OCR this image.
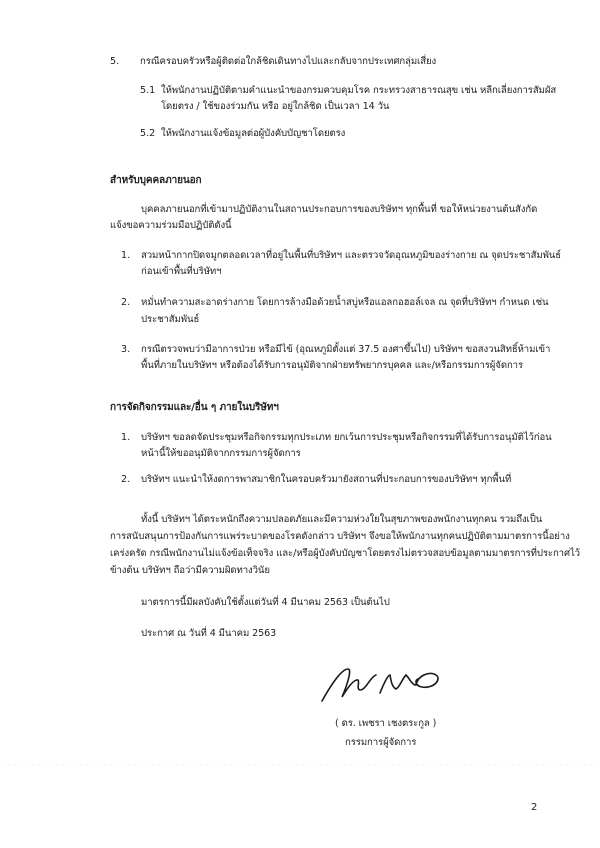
5. กรณีครอบครัวหรือผู้ติดต่อใกล้ชิดเดินทางไปและกลับจากประเทศกลุ่มเสี่ยง

5.1 ให้พนักงานปฏิบัติตามคำแนะนำของกรมควบคุมโรค กระทรวงสาธารณสุข เช่น หลีกเลี่ยงการสัมผัส

โดยตรง / ใช้ของร่วมกัน หรือ อยู่ใกล้ชิด เป็นเวลา 14 วัน

5.2 ให้พนักงานแจ้งข้อมูลต่อผู้บังคับบัญชาโดยตรง

สำหรับบุคคลภายนอก

บุคคลภายนอกที่เข้ามาปฏิบัติงานในสถานประกอบการของบริษัทฯ ทุกพื้นที่ ขอให้หน่วยงานต้นสังกัด

แจ้งขอความร่วมมือปฏิบัติดังนี้

1. สวมหน้ากากปิดจมูกตลอดเวลาที่อยู่ในพื้นที่บริษัทฯ และตรวจวัดอุณหภูมิของร่างกาย ณ จุดประชาสัมพันธ์

ก่อนเข้าพื้นที่บริษัทฯ

2. หมั่นทำความสะอาดร่างกาย โดยการล้างมือด้วยน้ำสบู่หรือแอลกอฮอล์เจล ณ จุดที่บริษัทฯ กำหนด เช่น

ประชาสัมพันธ์

3. กรณีตรวจพบว่ามีอาการป่วย หรือมีไข้ (อุณหภูมิตั้งแต่ 37.5 องศาขึ้นไป) บริษัทฯ ขอสงวนสิทธิ์ห้ามเข้า

พื้นที่ภายในบริษัทฯ หรือต้องได้รับการอนุมัติจากฝ่ายทรัพยากรบุคคล และ/หรือกรรมการผู้จัดการ

การจัดกิจกรรมและ/อื่น ๆ ภายในบริษัทฯ

1. บริษัทฯ ขอลดจัดประชุมหรือกิจกรรมทุกประเภท ยกเว้นการประชุมหรือกิจกรรมที่ได้รับการอนุมัติไว้ก่อน

หน้านี้ให้ขออนุมัติจากกรรมการผู้จัดการ

2. บริษัทฯ แนะนำให้งดการพาสมาชิกในครอบครัวมายังสถานที่ประกอบการของบริษัทฯ ทุกพื้นที่

ทั้งนี้ บริษัทฯ ได้ตระหนักถึงความปลอดภัยและมีความห่วงใยในสุขภาพของพนักงานทุกคน รวมถึงเป็น

การสนับสนุนการป้องกันการแพร่ระบาดของโรคดังกล่าว บริษัทฯ จึงขอให้พนักงานทุกคนปฏิบัติตามมาตรการนี้อย่าง

เคร่งครัด กรณีพนักงานไม่แจ้งข้อเท็จจริง และ/หรือผู้บังคับบัญชาโดยตรงไม่ตรวจสอบข้อมูลตามมาตรการที่ประกาศไว้

ข้างต้น บริษัทฯ ถือว่ามีความผิดทางวินัย

มาตรการนี้มีผลบังคับใช้ตั้งแต่วันที่ 4 มีนาคม 2563 เป็นต้นไป

ประกาศ ณ วันที่ 4 มีนาคม 2563

( ดร. เพชรา เชงตระกูล )

กรรมการผู้จัดการ

2
